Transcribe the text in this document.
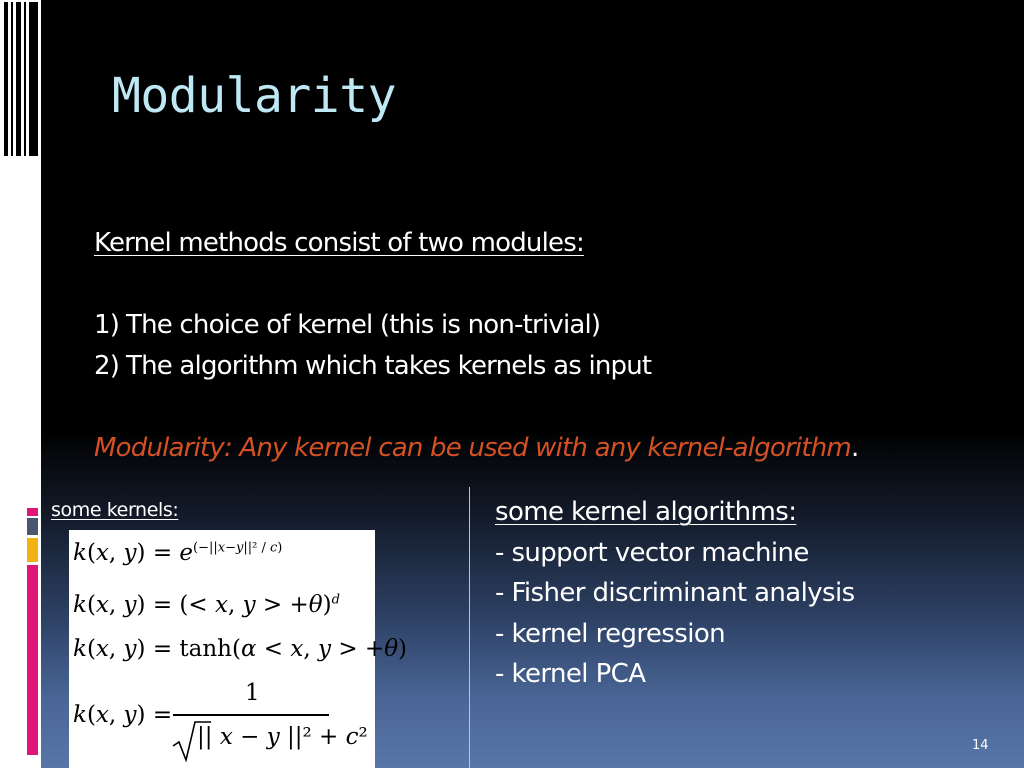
Modularity
Kernel methods consist of two modules:
1) The choice of kernel (this is non-trivial)
2) The algorithm which takes kernels as input
Modularity: Any kernel can be used with any kernel-algorithm.
some kernels:
k(x, $y) = e^{(-||x-y||^2 / c)}$
k(x, y) = (< x, y > +θ)$^d$
k(x, y) = tanh(α < x, y > +θ)
k(x, y) =
1
|| x − y ||² + c²
some kernel algorithms:
- support vector machine
- Fisher discriminant analysis
- kernel regression
- kernel PCA
14
